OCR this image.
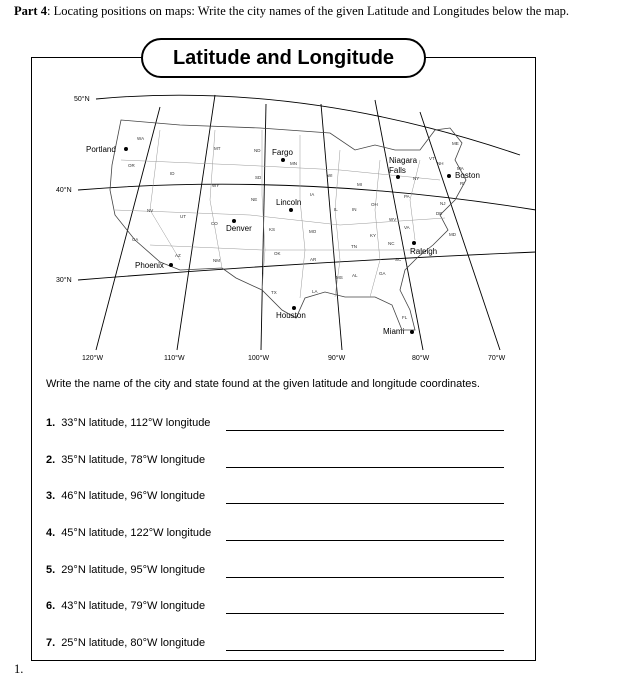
Part 4: Locating positions on maps: Write the city names of the given Latitude and Longitudes below the map.
50°N
40°N
30°N
120°W	110°W	100°W	90°W	80°W	70°W
WA
OR
ID
MT	ND
MN
WY
SD
NE
IA
WI
MI
NY
VT
NH
ME
MA
RI
PA
NJ
DE
MD
OH
IN
IL
NV
UT
CO
KS	MO
KY
WV
VA
CA
AZ
NM
OK
AR
TN
NC
SC
TX	LA
MS AL	GA
FL
Portland	Fargo
Niagara
Falls
Boston
Lincoln
Denver
Raleigh
Phoenix
Houston
Miami
Latitude and Longitude
Write the name of the city and state found at the given latitude and longitude coordinates.
1. 33°N latitude, 112°W longitude
2. 35°N latitude, 78°W longitude
3. 46°N latitude, 96°W longitude
4. 45°N latitude, 122°W longitude
5. 29°N latitude, 95°W longitude
6. 43°N latitude, 79°W longitude
7. 25°N latitude, 80°W longitude
1.
